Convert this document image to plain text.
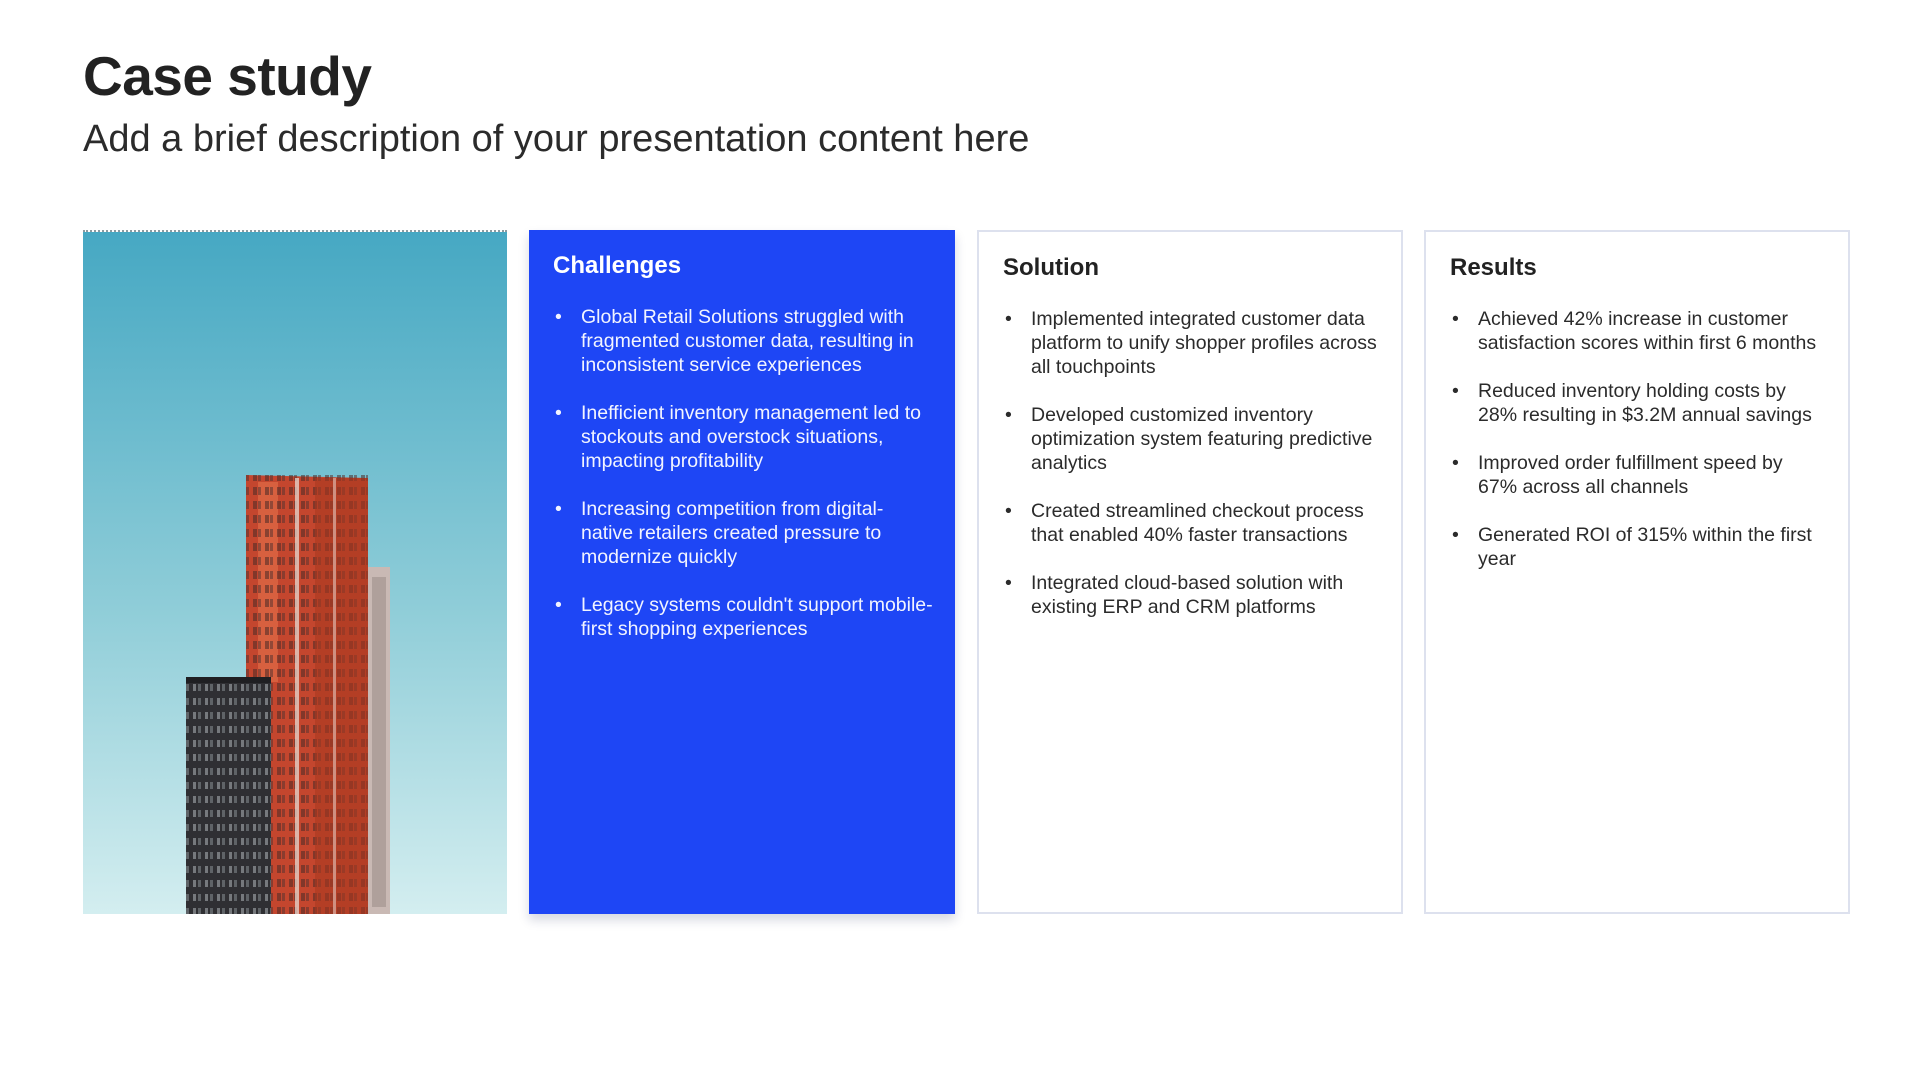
Case study

Add a brief description of your presentation content here

Challenges
• Global Retail Solutions struggled with fragmented customer data, resulting in inconsistent service experiences
• Inefficient inventory management led to stockouts and overstock situations, impacting profitability
• Increasing competition from digital-native retailers created pressure to modernize quickly
• Legacy systems couldn't support mobile-first shopping experiences
Solution
• Implemented integrated customer data platform to unify shopper profiles across all touchpoints
• Developed customized inventory optimization system featuring predictive analytics
• Created streamlined checkout process that enabled 40% faster transactions
• Integrated cloud-based solution with existing ERP and CRM platforms
Results
• Achieved 42% increase in customer satisfaction scores within first 6 months
• Reduced inventory holding costs by 28% resulting in $3.2M annual savings
• Improved order fulfillment speed by 67% across all channels
• Generated ROI of 315% within the first year
